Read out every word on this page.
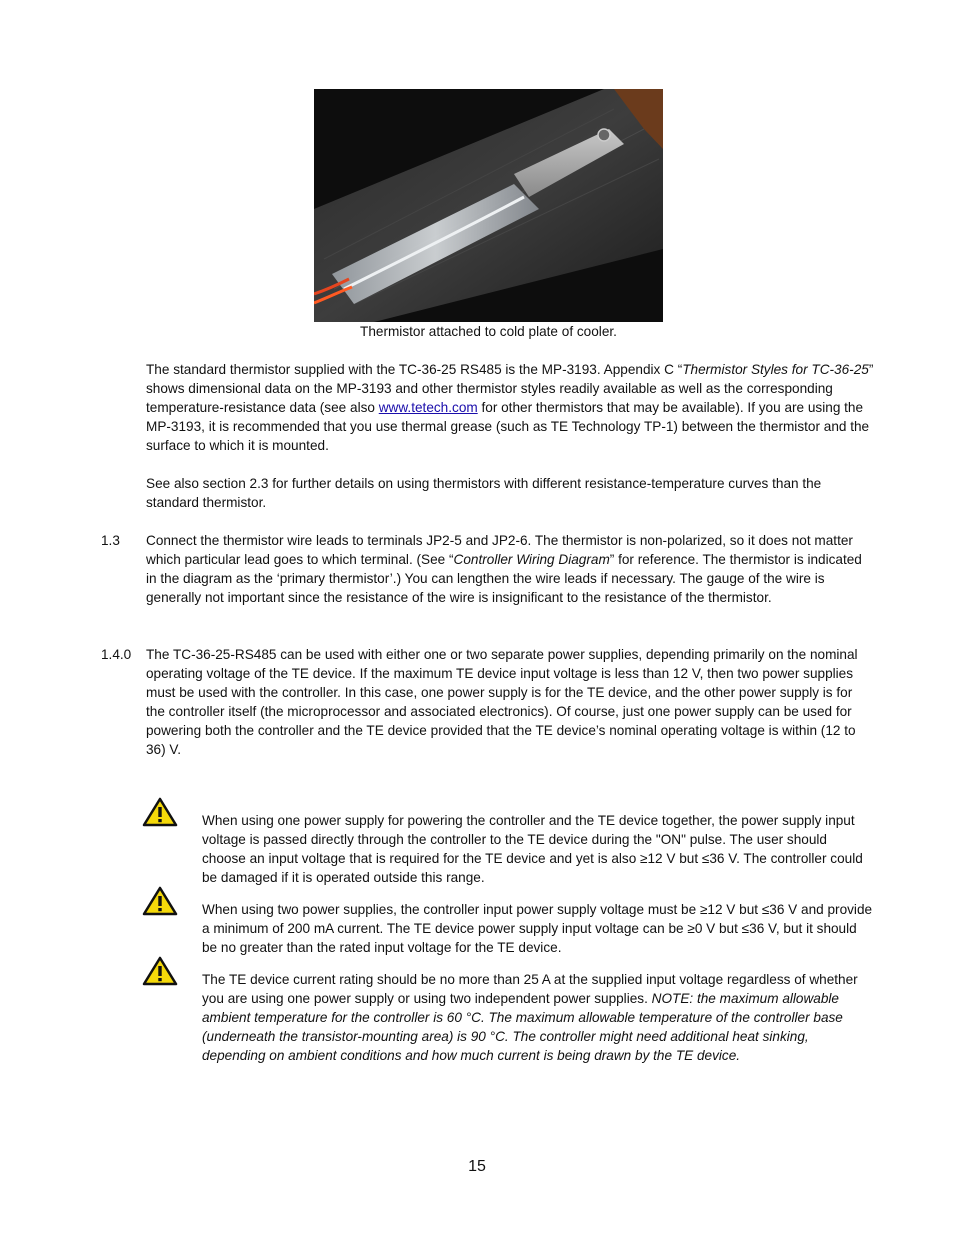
Thermistor attached to cold plate of cooler.
The standard thermistor supplied with the TC-36-25 RS485 is the MP-3193. Appendix C “Thermistor Styles for TC-36-25” shows dimensional data on the MP-3193 and other thermistor styles readily available as well as the corresponding temperature-resistance data (see also www.tetech.com for other thermistors that may be available). If you are using the MP-3193, it is recommended that you use thermal grease (such as TE Technology TP-1) between the thermistor and the surface to which it is mounted.
See also section 2.3 for further details on using thermistors with different resistance-temperature curves than the standard thermistor.
1.3 Connect the thermistor wire leads to terminals JP2-5 and JP2-6. The thermistor is non-polarized, so it does not matter which particular lead goes to which terminal. (See “Controller Wiring Diagram” for reference. The thermistor is indicated in the diagram as the ‘primary thermistor’.) You can lengthen the wire leads if necessary. The gauge of the wire is generally not important since the resistance of the wire is insignificant to the resistance of the thermistor.
1.4.0 The TC-36-25-RS485 can be used with either one or two separate power supplies, depending primarily on the nominal operating voltage of the TE device. If the maximum TE device input voltage is less than 12 V, then two power supplies must be used with the controller. In this case, one power supply is for the TE device, and the other power supply is for the controller itself (the microprocessor and associated electronics). Of course, just one power supply can be used for powering both the controller and the TE device provided that the TE device’s nominal operating voltage is within (12 to 36) V.
When using one power supply for powering the controller and the TE device together, the power supply input voltage is passed directly through the controller to the TE device during the "ON" pulse. The user should choose an input voltage that is required for the TE device and yet is also ≥12 V but ≤36 V. The controller could be damaged if it is operated outside this range.
When using two power supplies, the controller input power supply voltage must be ≥12 V but ≤36 V and provide a minimum of 200 mA current. The TE device power supply input voltage can be ≥0 V but ≤36 V, but it should be no greater than the rated input voltage for the TE device.
The TE device current rating should be no more than 25 A at the supplied input voltage regardless of whether you are using one power supply or using two independent power supplies. NOTE: the maximum allowable ambient temperature for the controller is 60 °C. The maximum allowable temperature of the controller base (underneath the transistor-mounting area) is 90 °C. The controller might need additional heat sinking, depending on ambient conditions and how much current is being drawn by the TE device.
15
